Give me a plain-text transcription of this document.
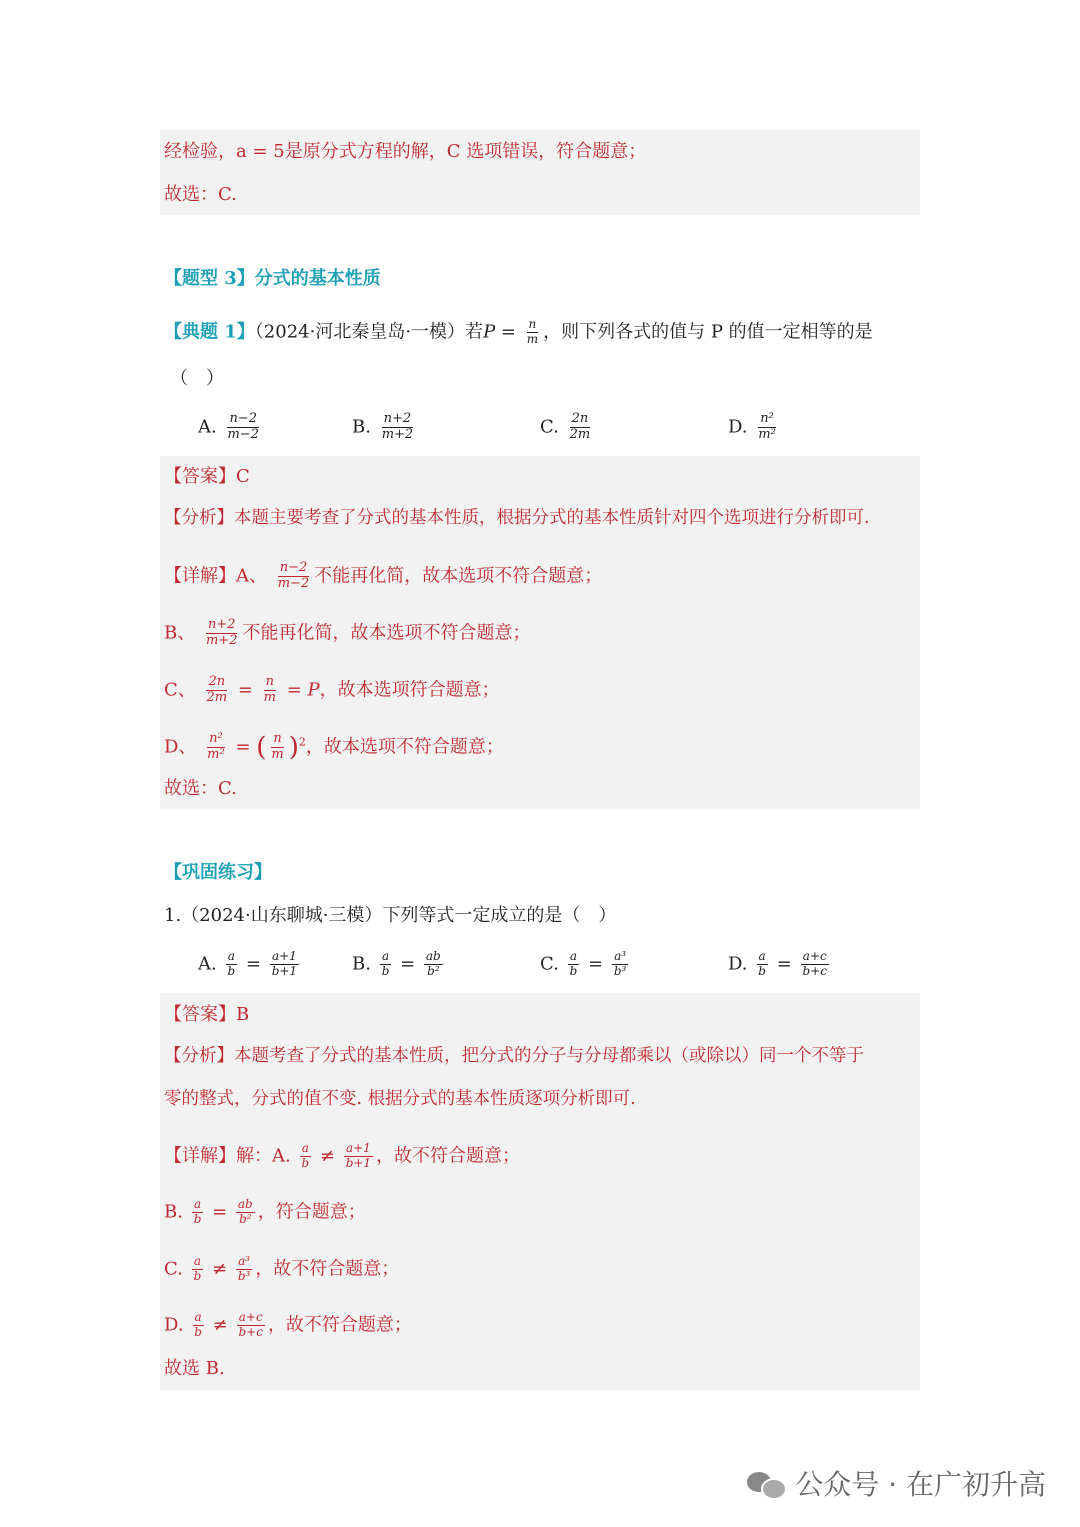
经检验，a = 5是原分式方程的解，C 选项错误，符合题意；
故选：C.
【题型 3】分式的基本性质
【典题 1】（2024·河北秦皇岛·一模）若$P = \frac{n}{m}$ ，则下列各式的值与 P 的值一定相等的是
（　）
A. $\frac{n-2}{m-2}$	B. $\frac{n+2}{m+2}$	C. $\frac{2n}{2m}$	D. $\frac{\text{n²}}{\text{m²}}$
【答案】C
【分析】本题主要考查了分式的基本性质，根据分式的基本性质针对四个选项进行分析即可.
【详解】A、 $\frac{n-2}{m-2}$ 不能再化简，故本选项不符合题意；
B、 $\frac{n+2}{m+2}$ 不能再化简，故本选项不符合题意；
C、 $\frac{2n}{2m} = \frac{n}{m} = P$，故本选项符合题意；
D、 $\frac{\text{n²}}{\text{m²}}$ = ( $\frac{n}{m} )^2$，故本选项不符合题意；
故选：C.
【巩固练习】
1.（2024·山东聊城·三模）下列等式一定成立的是（　）
A. $\frac{a}{b} = \frac{a+1}{b+1}$	B. $\frac{a}{b} = \frac{ab}{\text{b²}}$	C. $\frac{a}{b} = \frac{\text{a³}}{\text{b³}}$	D. $\frac{a}{b} = \frac{a+c}{b+c}$
【答案】B
【分析】本题考查了分式的基本性质，把分式的分子与分母都乘以（或除以）同一个不等于
零的整式，分式的值不变. 根据分式的基本性质逐项分析即可.
【详解】解：A. $\frac{a}{b} \ne \frac{a+1}{b+1}$ ，故不符合题意；
B. $\frac{a}{b} = \frac{ab}{\text{b²}}$ ，符合题意；
C. $\frac{a}{b} \ne \frac{\text{a³}}{\text{b³}}$ ，故不符合题意；
D. $\frac{a}{b} \ne \frac{a+c}{b+c}$ ，故不符合题意；
故选 B.
公众号 · 在广初升高
